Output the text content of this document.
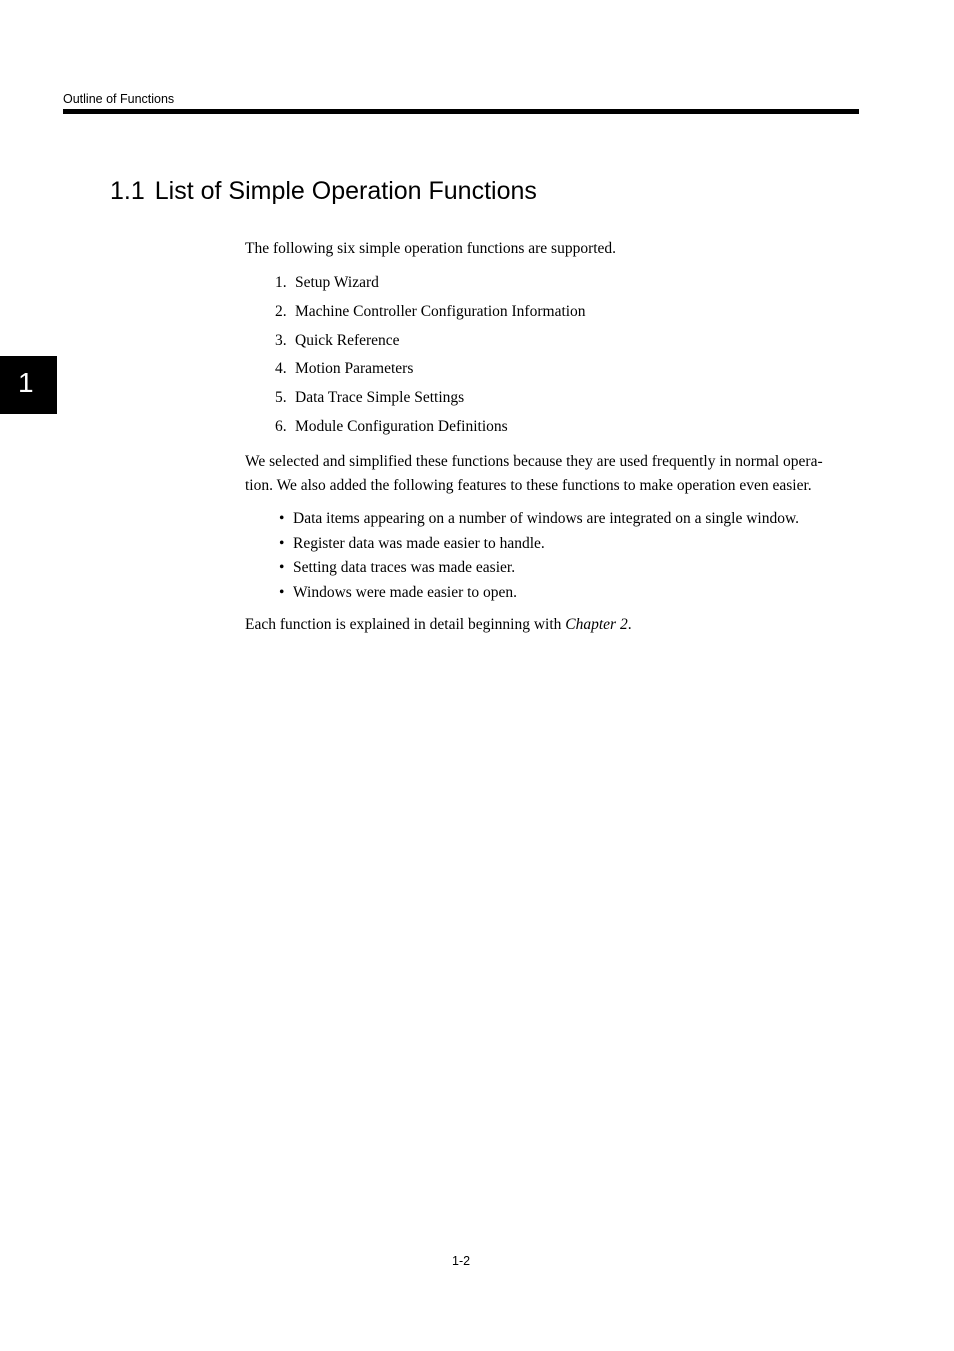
Outline of Functions
1.1 List of Simple Operation Functions
1
The following six simple operation functions are supported.
1. Setup Wizard
2. Machine Controller Configuration Information
3. Quick Reference
4. Motion Parameters
5. Data Trace Simple Settings
6. Module Configuration Definitions

We selected and simplified these functions because they are used frequently in normal opera-
tion. We also added the following features to these functions to make operation even easier.

• Data items appearing on a number of windows are integrated on a single window.
• Register data was made easier to handle.
• Setting data traces was made easier.
• Windows were made easier to open.
Each function is explained in detail beginning with Chapter 2.
1-2
